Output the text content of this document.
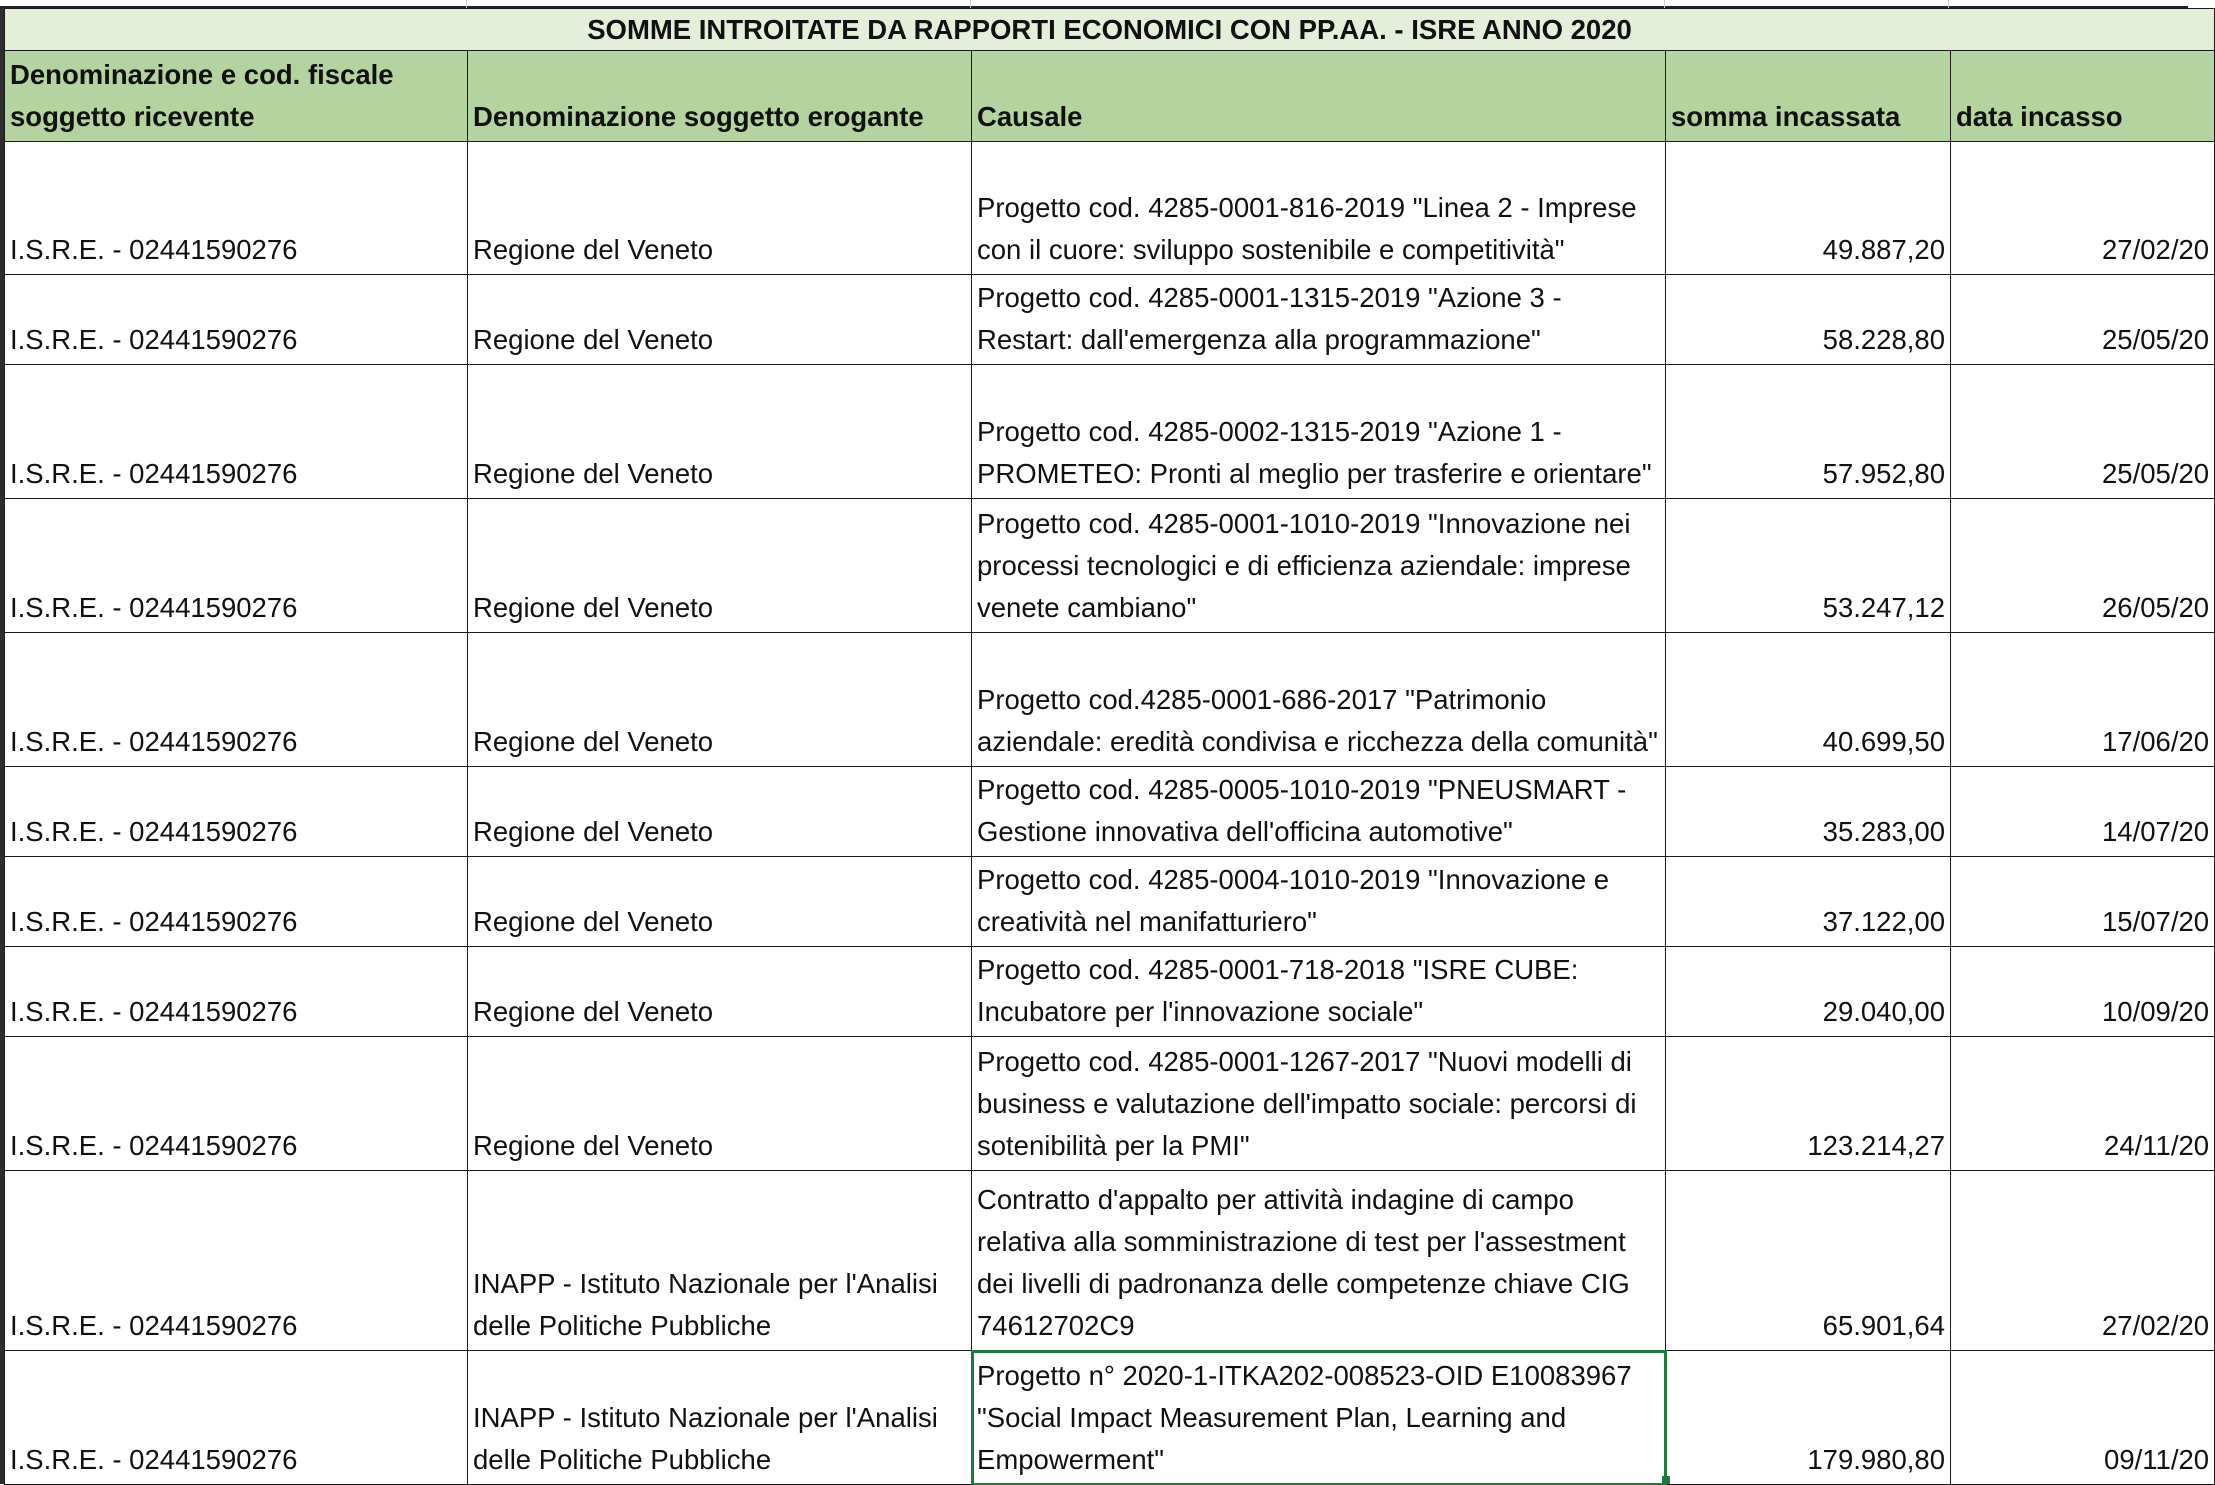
SOMME INTROITATE DA RAPPORTI ECONOMICI CON PP.AA. - ISRE ANNO 2020				
Denominazione e cod. fiscale soggetto ricevente	Denominazione soggetto erogante	Causale	somma incassata	data incasso
I.S.R.E. - 02441590276	Regione del Veneto	Progetto cod. 4285-0001-816-2019 "Linea 2 - Imprese con il cuore: sviluppo sostenibile e competitività"	49.887,20	27/02/20
I.S.R.E. - 02441590276	Regione del Veneto	Progetto cod. 4285-0001-1315-2019 "Azione 3 - Restart: dall'emergenza alla programmazione"	58.228,80	25/05/20
I.S.R.E. - 02441590276	Regione del Veneto	Progetto cod. 4285-0002-1315-2019 "Azione 1 - PROMETEO: Pronti al meglio per trasferire e orientare"	57.952,80	25/05/20
I.S.R.E. - 02441590276	Regione del Veneto	Progetto cod. 4285-0001-1010-2019 "Innovazione nei processi tecnologici e di efficienza aziendale: imprese venete cambiano"	53.247,12	26/05/20
I.S.R.E. - 02441590276	Regione del Veneto	Progetto cod.4285-0001-686-2017 "Patrimonio aziendale: eredità condivisa e ricchezza della comunità"	40.699,50	17/06/20
I.S.R.E. - 02441590276	Regione del Veneto	Progetto cod. 4285-0005-1010-2019 "PNEUSMART - Gestione innovativa dell'officina automotive"	35.283,00	14/07/20
I.S.R.E. - 02441590276	Regione del Veneto	Progetto cod. 4285-0004-1010-2019 "Innovazione e creatività nel manifatturiero"	37.122,00	15/07/20
I.S.R.E. - 02441590276	Regione del Veneto	Progetto cod. 4285-0001-718-2018 "ISRE CUBE: Incubatore per l'innovazione sociale"	29.040,00	10/09/20
I.S.R.E. - 02441590276	Regione del Veneto	Progetto cod. 4285-0001-1267-2017 "Nuovi modelli di business e valutazione dell'impatto sociale: percorsi di sotenibilità per la PMI"	123.214,27	24/11/20
I.S.R.E. - 02441590276	INAPP - Istituto Nazionale per l'Analisi delle Politiche Pubbliche	Contratto d'appalto per attività indagine di campo relativa alla somministrazione di test per l'assestment dei livelli di padronanza delle competenze chiave CIG 74612702C9	65.901,64	27/02/20
I.S.R.E. - 02441590276	INAPP - Istituto Nazionale per l'Analisi delle Politiche Pubbliche	Progetto n° 2020-1-ITKA202-008523-OID E10083967 "Social Impact Measurement Plan, Learning and Empowerment"	179.980,80	09/11/20
